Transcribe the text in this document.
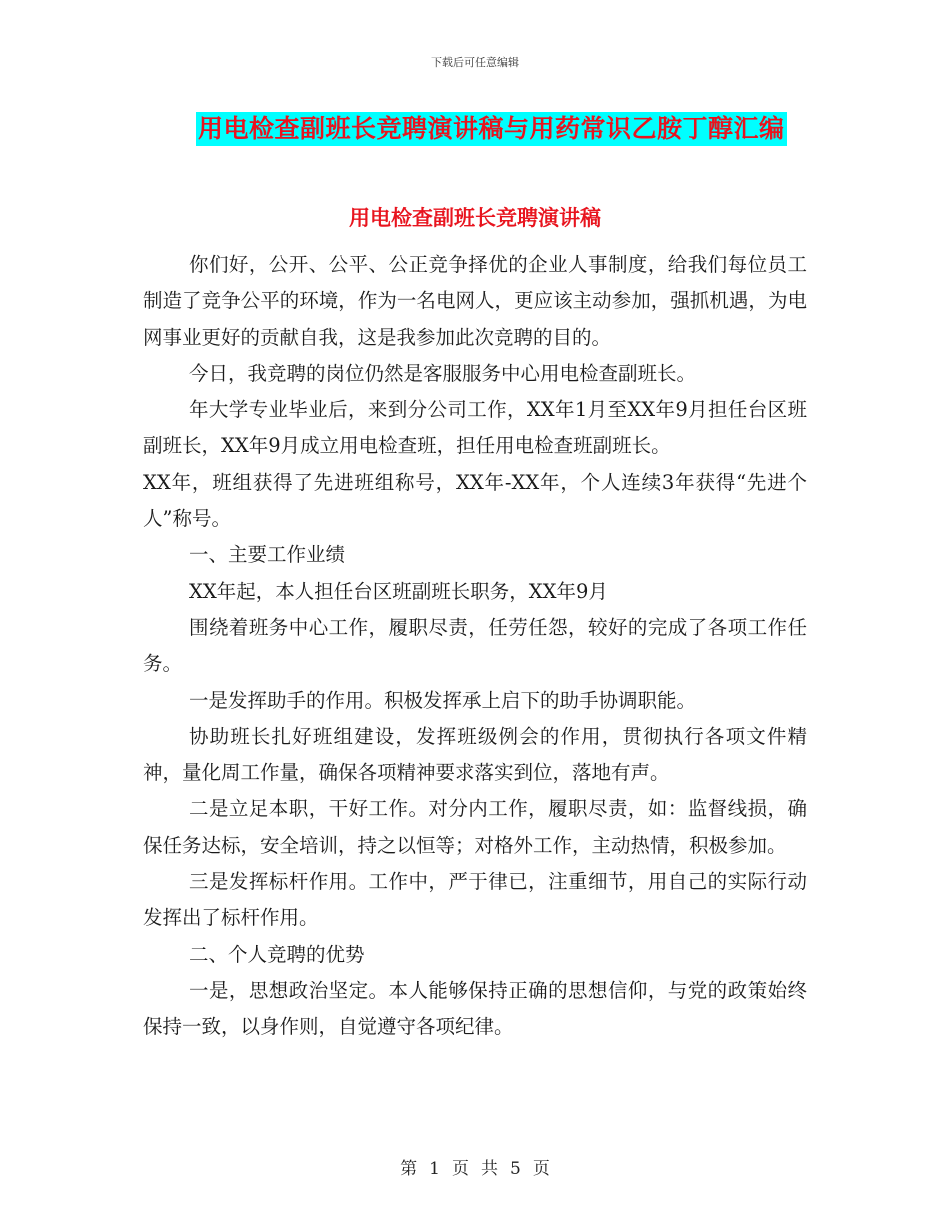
下载后可任意编辑
用电检查副班长竞聘演讲稿与用药常识乙胺丁醇汇编
用电检查副班长竞聘演讲稿

你们好，公开、公平、公正竞争择优的企业人事制度，给我们每位员工制造了竞争公平的环境，作为一名电网人，更应该主动参加，强抓机遇，为电网事业更好的贡献自我，这是我参加此次竞聘的目的。

今日，我竞聘的岗位仍然是客服服务中心用电检查副班长。

年大学专业毕业后，来到分公司工作，XX年1月至XX年9月担任台区班副班长，XX年9月成立用电检查班，担任用电检查班副班长。

XX年，班组获得了先进班组称号，XX年-XX年，个人连续3年获得“先进个人”称号。

一、主要工作业绩

XX年起，本人担任台区班副班长职务，XX年9月

围绕着班务中心工作，履职尽责，任劳任怨，较好的完成了各项工作任务。

一是发挥助手的作用。积极发挥承上启下的助手协调职能。

协助班长扎好班组建设，发挥班级例会的作用，贯彻执行各项文件精神，量化周工作量，确保各项精神要求落实到位，落地有声。

二是立足本职，干好工作。对分内工作，履职尽责，如：监督线损，确保任务达标，安全培训，持之以恒等；对格外工作，主动热情，积极参加。

三是发挥标杆作用。工作中，严于律已，注重细节，用自己的实际行动发挥出了标杆作用。

二、个人竞聘的优势

一是，思想政治坚定。本人能够保持正确的思想信仰，与党的政策始终保持一致，以身作则，自觉遵守各项纪律。

第 1 页 共 5 页
